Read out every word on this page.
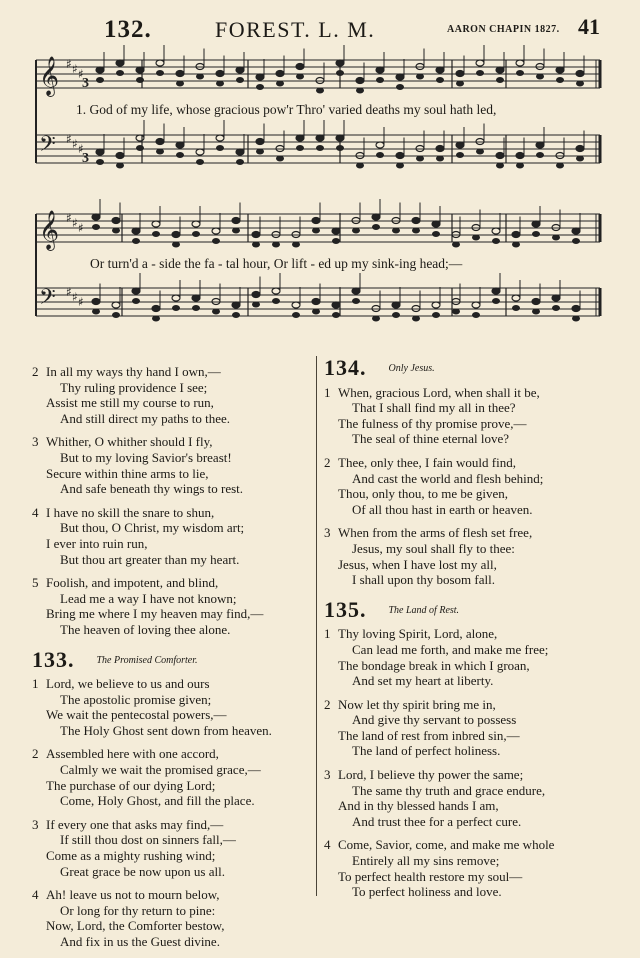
132.	FOREST. L. M.	AARON CHAPIN 1827. 41
𝄞 ♯ ♯ ♯
3
𝄢 ♯ ♯ ♯
3
𝄞 ♯ ♯ ♯
𝄢 ♯ ♯ ♯
1. God of my life, whose gracious pow'r Thro' varied deaths my soul hath led,
Or turn'd a - side the fa - tal hour, Or lift - ed up my sink-ing head;—
2 In all my ways thy hand I own,—
Thy ruling providence I see;
Assist me still my course to run,
And still direct my paths to thee.
3 Whither, O whither should I fly,
But to my loving Savior's breast!
Secure within thine arms to lie,
And safe beneath thy wings to rest.
4 I have no skill the snare to shun,
But thou, O Christ, my wisdom art;
I ever into ruin run,
But thou art greater than my heart.
5 Foolish, and impotent, and blind,
Lead me a way I have not known;
Bring me where I my heaven may find,—
The heaven of loving thee alone.
133. $^{The Promised Comforter.}$
1 Lord, we believe to us and ours
The apostolic promise given;
We wait the pentecostal powers,—
The Holy Ghost sent down from heaven.
2 Assembled here with one accord,
Calmly we wait the promised grace,—
The purchase of our dying Lord;
Come, Holy Ghost, and fill the place.
3 If every one that asks may find,—
If still thou dost on sinners fall,—
Come as a mighty rushing wind;
Great grace be now upon us all.
4 Ah! leave us not to mourn below,
Or long for thy return to pine:
Now, Lord, the Comforter bestow,
And fix in us the Guest divine.
134. $^{Only Jesus.}$
1 When, gracious Lord, when shall it be,
That I shall find my all in thee?
The fulness of thy promise prove,—
The seal of thine eternal love?
2 Thee, only thee, I fain would find,
And cast the world and flesh behind;
Thou, only thou, to me be given,
Of all thou hast in earth or heaven.
3 When from the arms of flesh set free,
Jesus, my soul shall fly to thee:
Jesus, when I have lost my all,
I shall upon thy bosom fall.
135. $^{The Land of Rest.}$
1 Thy loving Spirit, Lord, alone,
Can lead me forth, and make me free;
The bondage break in which I groan,
And set my heart at liberty.
2 Now let thy spirit bring me in,
And give thy servant to possess
The land of rest from inbred sin,—
The land of perfect holiness.
3 Lord, I believe thy power the same;
The same thy truth and grace endure,
And in thy blessed hands I am,
And trust thee for a perfect cure.
4 Come, Savior, come, and make me whole
Entirely all my sins remove;
To perfect health restore my soul—
To perfect holiness and love.
